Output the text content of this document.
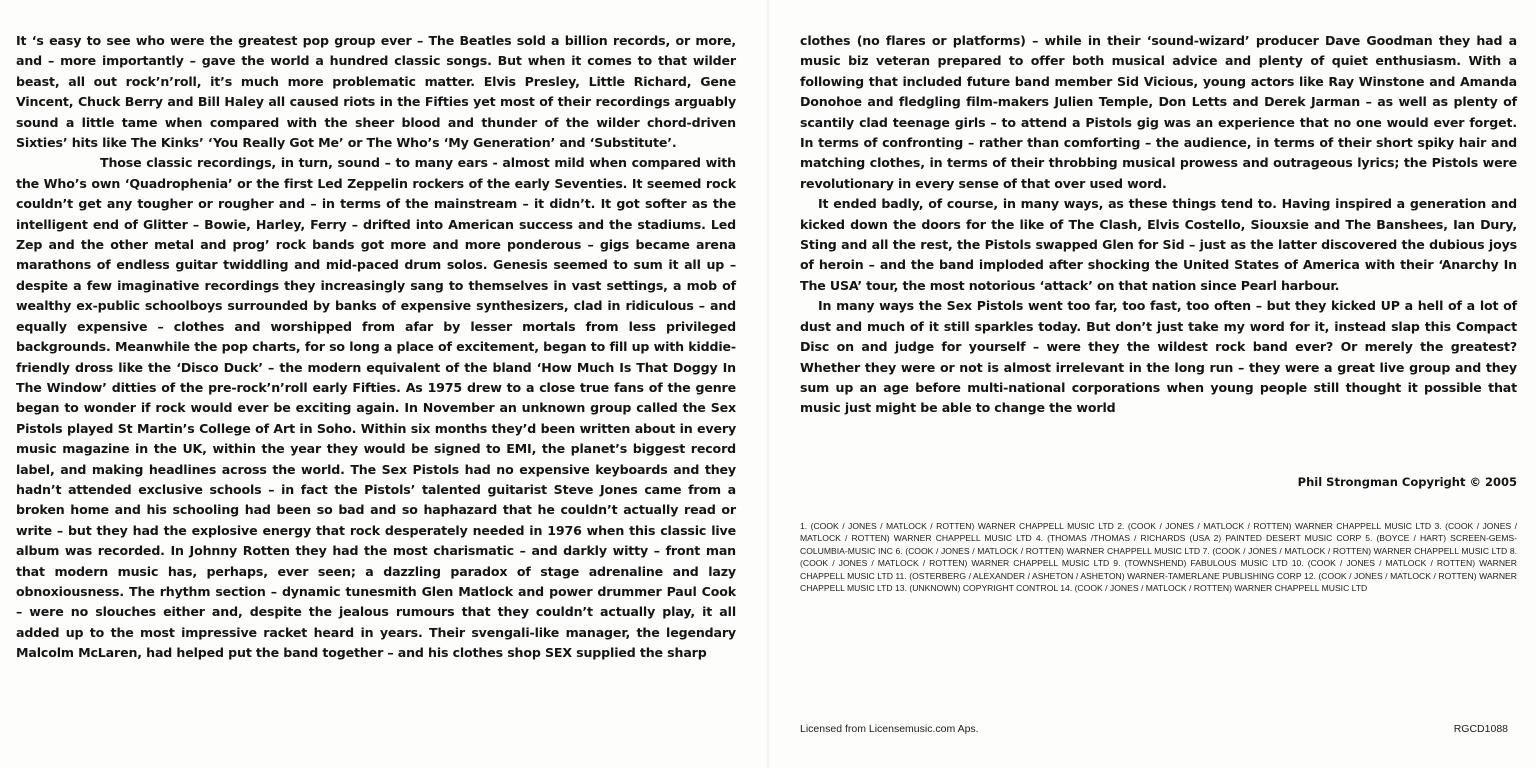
It ‘s easy to see who were the greatest pop group ever – The Beatles sold a billion records, or more, and – more importantly – gave the world a hundred classic songs. But when it comes to that wilder beast, all out rock’n’roll, it’s much more problematic matter. Elvis Presley, Little Richard, Gene Vincent, Chuck Berry and Bill Haley all caused riots in the Fifties yet most of their recordings arguably sound a little tame when compared with the sheer blood and thunder of the wilder chord-driven Sixties’ hits like The Kinks’ ‘You Really Got Me’ or The Who’s ‘My Generation’ and ‘Substitute’.

Those classic recordings, in turn, sound – to many ears - almost mild when compared with the Who’s own ‘Quadrophenia’ or the first Led Zeppelin rockers of the early Seventies. It seemed rock couldn’t get any tougher or rougher and – in terms of the mainstream – it didn’t. It got softer as the intelligent end of Glitter – Bowie, Harley, Ferry – drifted into American success and the stadiums. Led Zep and the other metal and prog’ rock bands got more and more ponderous – gigs became arena marathons of endless guitar twiddling and mid-paced drum solos. Genesis seemed to sum it all up – despite a few imaginative recordings they increasingly sang to themselves in vast settings, a mob of wealthy ex-public schoolboys surrounded by banks of expensive synthesizers, clad in ridiculous – and equally expensive – clothes and worshipped from afar by lesser mortals from less privileged backgrounds. Meanwhile the pop charts, for so long a place of excitement, began to fill up with kiddie-friendly dross like the ‘Disco Duck’ – the modern equivalent of the bland ‘How Much Is That Doggy In The Window’ ditties of the pre-rock’n’roll early Fifties. As 1975 drew to a close true fans of the genre began to wonder if rock would ever be exciting again. In November an unknown group called the Sex Pistols played St Martin’s College of Art in Soho. Within six months they’d been written about in every music magazine in the UK, within the year they would be signed to EMI, the planet’s biggest record label, and making headlines across the world. The Sex Pistols had no expensive keyboards and they hadn’t attended exclusive schools – in fact the Pistols’ talented guitarist Steve Jones came from a broken home and his schooling had been so bad and so haphazard that he couldn’t actually read or write – but they had the explosive energy that rock desperately needed in 1976 when this classic live album was recorded. In Johnny Rotten they had the most charismatic – and darkly witty – front man that modern music has, perhaps, ever seen; a dazzling paradox of stage adrenaline and lazy obnoxiousness. The rhythm section – dynamic tunesmith Glen Matlock and power drummer Paul Cook – were no slouches either and, despite the jealous rumours that they couldn’t actually play, it all added up to the most impressive racket heard in years. Their svengali-like manager, the legendary Malcolm McLaren, had helped put the band together – and his clothes shop SEX supplied the sharp

clothes (no flares or platforms) – while in their ‘sound-wizard’ producer Dave Goodman they had a music biz veteran prepared to offer both musical advice and plenty of quiet enthusiasm. With a following that included future band member Sid Vicious, young actors like Ray Winstone and Amanda Donohoe and fledgling film-makers Julien Temple, Don Letts and Derek Jarman – as well as plenty of scantily clad teenage girls – to attend a Pistols gig was an experience that no one would ever forget. In terms of confronting – rather than comforting – the audience, in terms of their short spiky hair and matching clothes, in terms of their throbbing musical prowess and outrageous lyrics; the Pistols were revolutionary in every sense of that over used word.

It ended badly, of course, in many ways, as these things tend to. Having inspired a generation and kicked down the doors for the like of The Clash, Elvis Costello, Siouxsie and The Banshees, Ian Dury, Sting and all the rest, the Pistols swapped Glen for Sid – just as the latter discovered the dubious joys of heroin – and the band imploded after shocking the United States of America with their ‘Anarchy In The USA’ tour, the most notorious ‘attack’ on that nation since Pearl harbour.

In many ways the Sex Pistols went too far, too fast, too often – but they kicked UP a hell of a lot of dust and much of it still sparkles today. But don’t just take my word for it, instead slap this Compact Disc on and judge for yourself – were they the wildest rock band ever? Or merely the greatest? Whether they were or not is almost irrelevant in the long run – they were a great live group and they sum up an age before multi-national corporations when young people still thought it possible that music just might be able to change the world

Phil Strongman Copyright © 2005
1. (COOK / JONES / MATLOCK / ROTTEN) WARNER CHAPPELL MUSIC LTD 2. (COOK / JONES / MATLOCK / ROTTEN) WARNER CHAPPELL MUSIC LTD 3. (COOK / JONES / MATLOCK / ROTTEN) WARNER CHAPPELL MUSIC LTD 4. (THOMAS /THOMAS / RICHARDS (USA 2) PAINTED DESERT MUSIC CORP 5. (BOYCE / HART) SCREEN-GEMS-COLUMBIA-MUSIC INC 6. (COOK / JONES / MATLOCK / ROTTEN) WARNER CHAPPELL MUSIC LTD 7. (COOK / JONES / MATLOCK / ROTTEN) WARNER CHAPPELL MUSIC LTD 8. (COOK / JONES / MATLOCK / ROTTEN) WARNER CHAPPELL MUSIC LTD 9. (TOWNSHEND) FABULOUS MUSIC LTD 10. (COOK / JONES / MATLOCK / ROTTEN) WARNER CHAPPELL MUSIC LTD 11. (OSTERBERG / ALEXANDER / ASHETON / ASHETON) WARNER-TAMERLANE PUBLISHING CORP 12. (COOK / JONES / MATLOCK / ROTTEN) WARNER CHAPPELL MUSIC LTD 13. (UNKNOWN) COPYRIGHT CONTROL 14. (COOK / JONES / MATLOCK / ROTTEN) WARNER CHAPPELL MUSIC LTD
Licensed from Licensemusic.com Aps.	RGCD1088
